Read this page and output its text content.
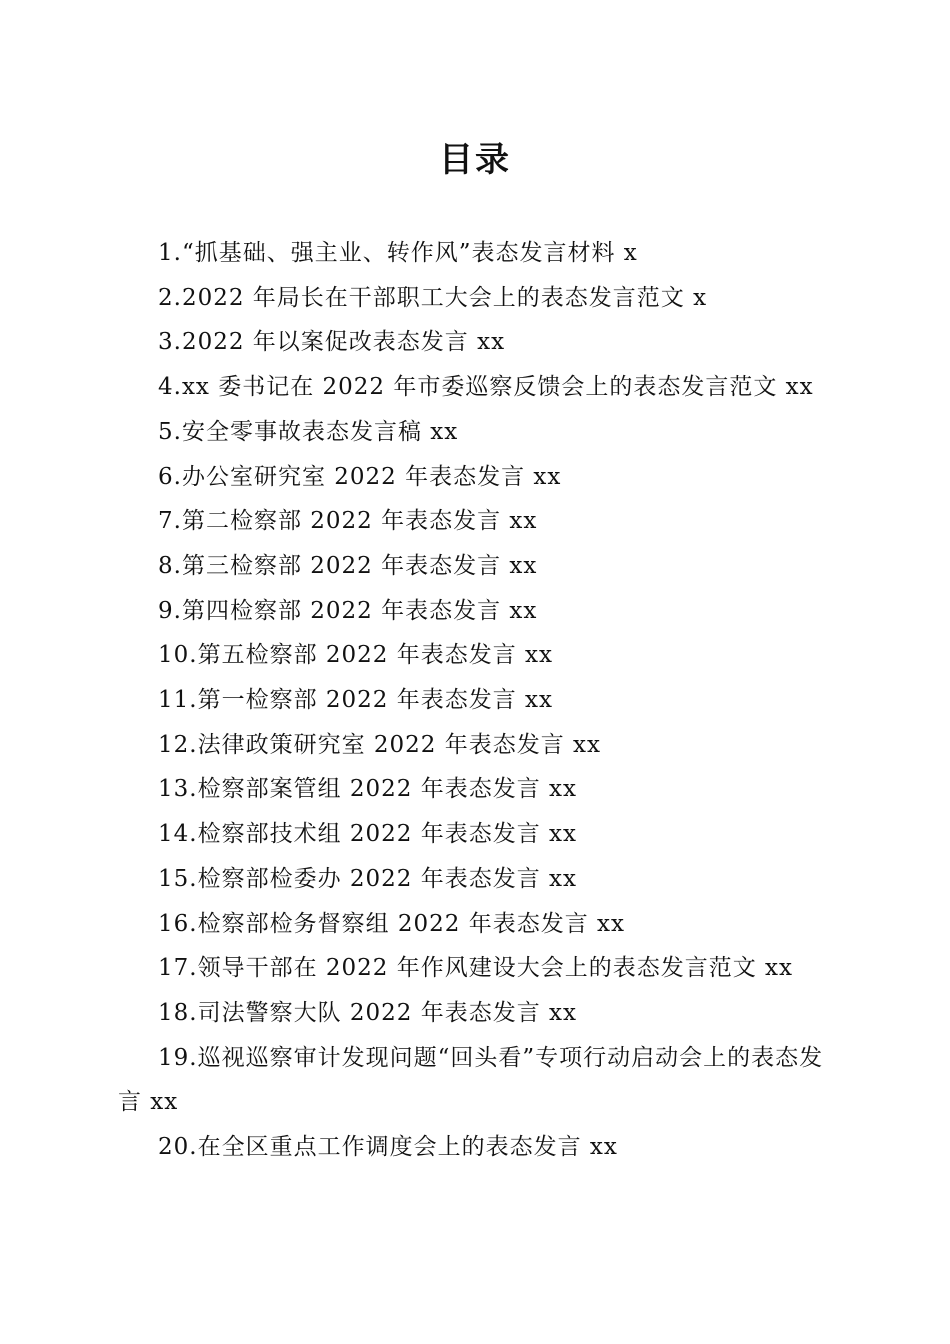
目录
1.“抓基础、强主业、转作风”表态发言材料 x
2.2022 年局长在干部职工大会上的表态发言范文 x
3.2022 年以案促改表态发言 xx
4.xx 委书记在 2022 年市委巡察反馈会上的表态发言范文 xx
5.安全零事故表态发言稿 xx
6.办公室研究室 2022 年表态发言 xx
7.第二检察部 2022 年表态发言 xx
8.第三检察部 2022 年表态发言 xx
9.第四检察部 2022 年表态发言 xx
10.第五检察部 2022 年表态发言 xx
11.第一检察部 2022 年表态发言 xx
12.法律政策研究室 2022 年表态发言 xx
13.检察部案管组 2022 年表态发言 xx
14.检察部技术组 2022 年表态发言 xx
15.检察部检委办 2022 年表态发言 xx
16.检察部检务督察组 2022 年表态发言 xx
17.领导干部在 2022 年作风建设大会上的表态发言范文 xx
18.司法警察大队 2022 年表态发言 xx
19.巡视巡察审计发现问题“回头看”专项行动启动会上的表态发言 xx
20.在全区重点工作调度会上的表态发言 xx
